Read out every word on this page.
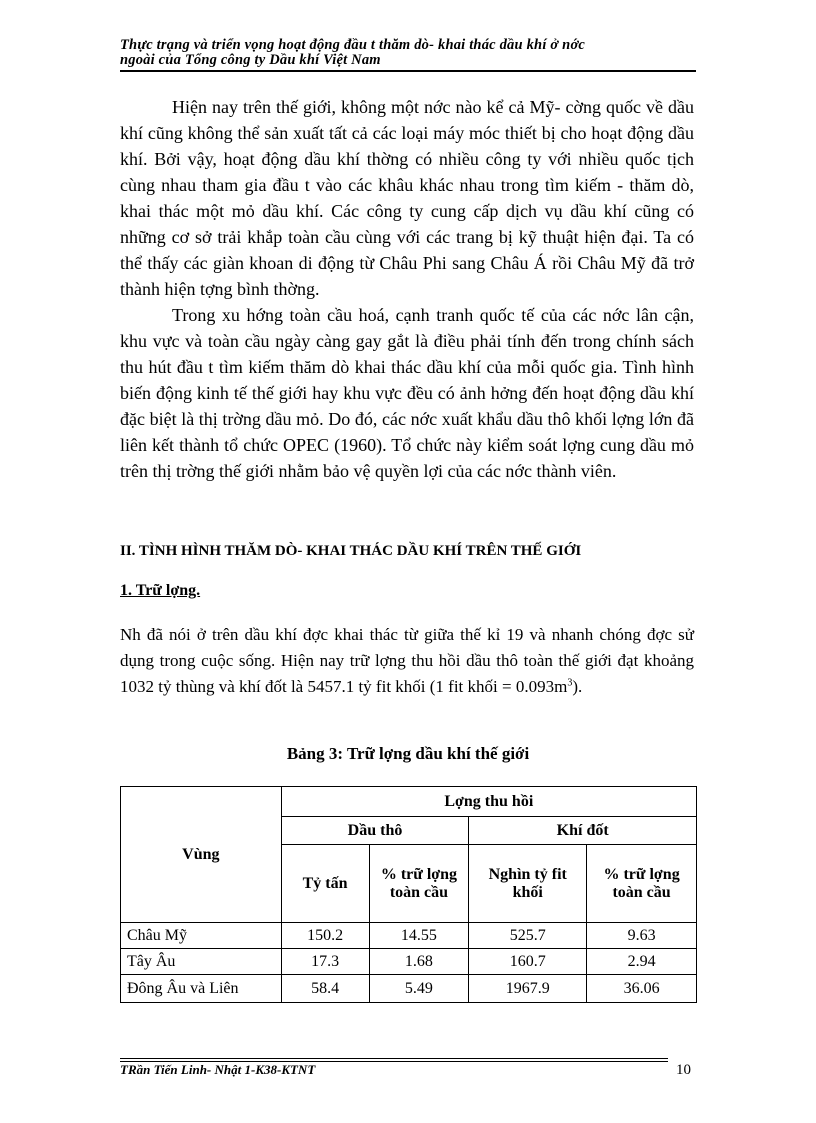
Thực trạng và triển vọng hoạt động đầu t thăm dò- khai thác dầu khí ở nớc
ngoài của Tổng công ty Dầu khí Việt Nam

Hiện nay trên thế giới, không một nớc nào kể cả Mỹ- cờng quốc về dầu khí cũng không thể sản xuất tất cả các loại máy móc thiết bị cho hoạt động dầu khí. Bởi vậy, hoạt động dầu khí thờng có nhiều công ty với nhiều quốc tịch cùng nhau tham gia đầu t vào các khâu khác nhau trong tìm kiếm - thăm dò, khai thác một mỏ dầu khí. Các công ty cung cấp dịch vụ dầu khí cũng có những cơ sở trải khắp toàn cầu cùng với các trang bị kỹ thuật hiện đại. Ta có thể thấy các giàn khoan di động từ Châu Phi sang Châu Á rồi Châu Mỹ đã trở thành hiện tợng bình thờng.

Trong xu hớng toàn cầu hoá, cạnh tranh quốc tế của các nớc lân cận, khu vực và toàn cầu ngày càng gay gắt là điều phải tính đến trong chính sách thu hút đầu t tìm kiếm thăm dò khai thác dầu khí của mỗi quốc gia. Tình hình biến động kinh tế thế giới hay khu vực đều có ảnh hởng đến hoạt động dầu khí đặc biệt là thị trờng dầu mỏ. Do đó, các nớc xuất khẩu dầu thô khối lợng lớn đã liên kết thành tổ chức OPEC (1960). Tổ chức này kiểm soát lợng cung dầu mỏ trên thị trờng thế giới nhằm bảo vệ quyền lợi của các nớc thành viên.

II. TÌNH HÌNH THĂM DÒ- KHAI THÁC DẦU KHÍ TRÊN THẾ GIỚI
1. Trữ lợng.
Nh đã nói ở trên dầu khí đợc khai thác từ giữa thế kỉ 19 và nhanh chóng đợc sử dụng trong cuộc sống. Hiện nay trữ lợng thu hồi dầu thô toàn thế giới đạt khoảng 1032 tỷ thùng và khí đốt là 5457.1 tỷ fit khối (1 fit khối = $0.093m^3$).
Bảng 3: Trữ lợng dầu khí thế giới
Vùng	Lợng thu hồi			
	Dầu thô		Khí đốt	
	Tỷ tấn	% trữ lợng toàn cầu	Nghìn tỷ fit khối	% trữ lợng toàn cầu
Châu Mỹ	150.2	14.55	525.7	9.63
Tây Âu	17.3	1.68	160.7	2.94
Đông Âu và Liên	58.4	5.49	1967.9	36.06
TRần Tiến Linh- Nhật 1-K38-KTNT	10
